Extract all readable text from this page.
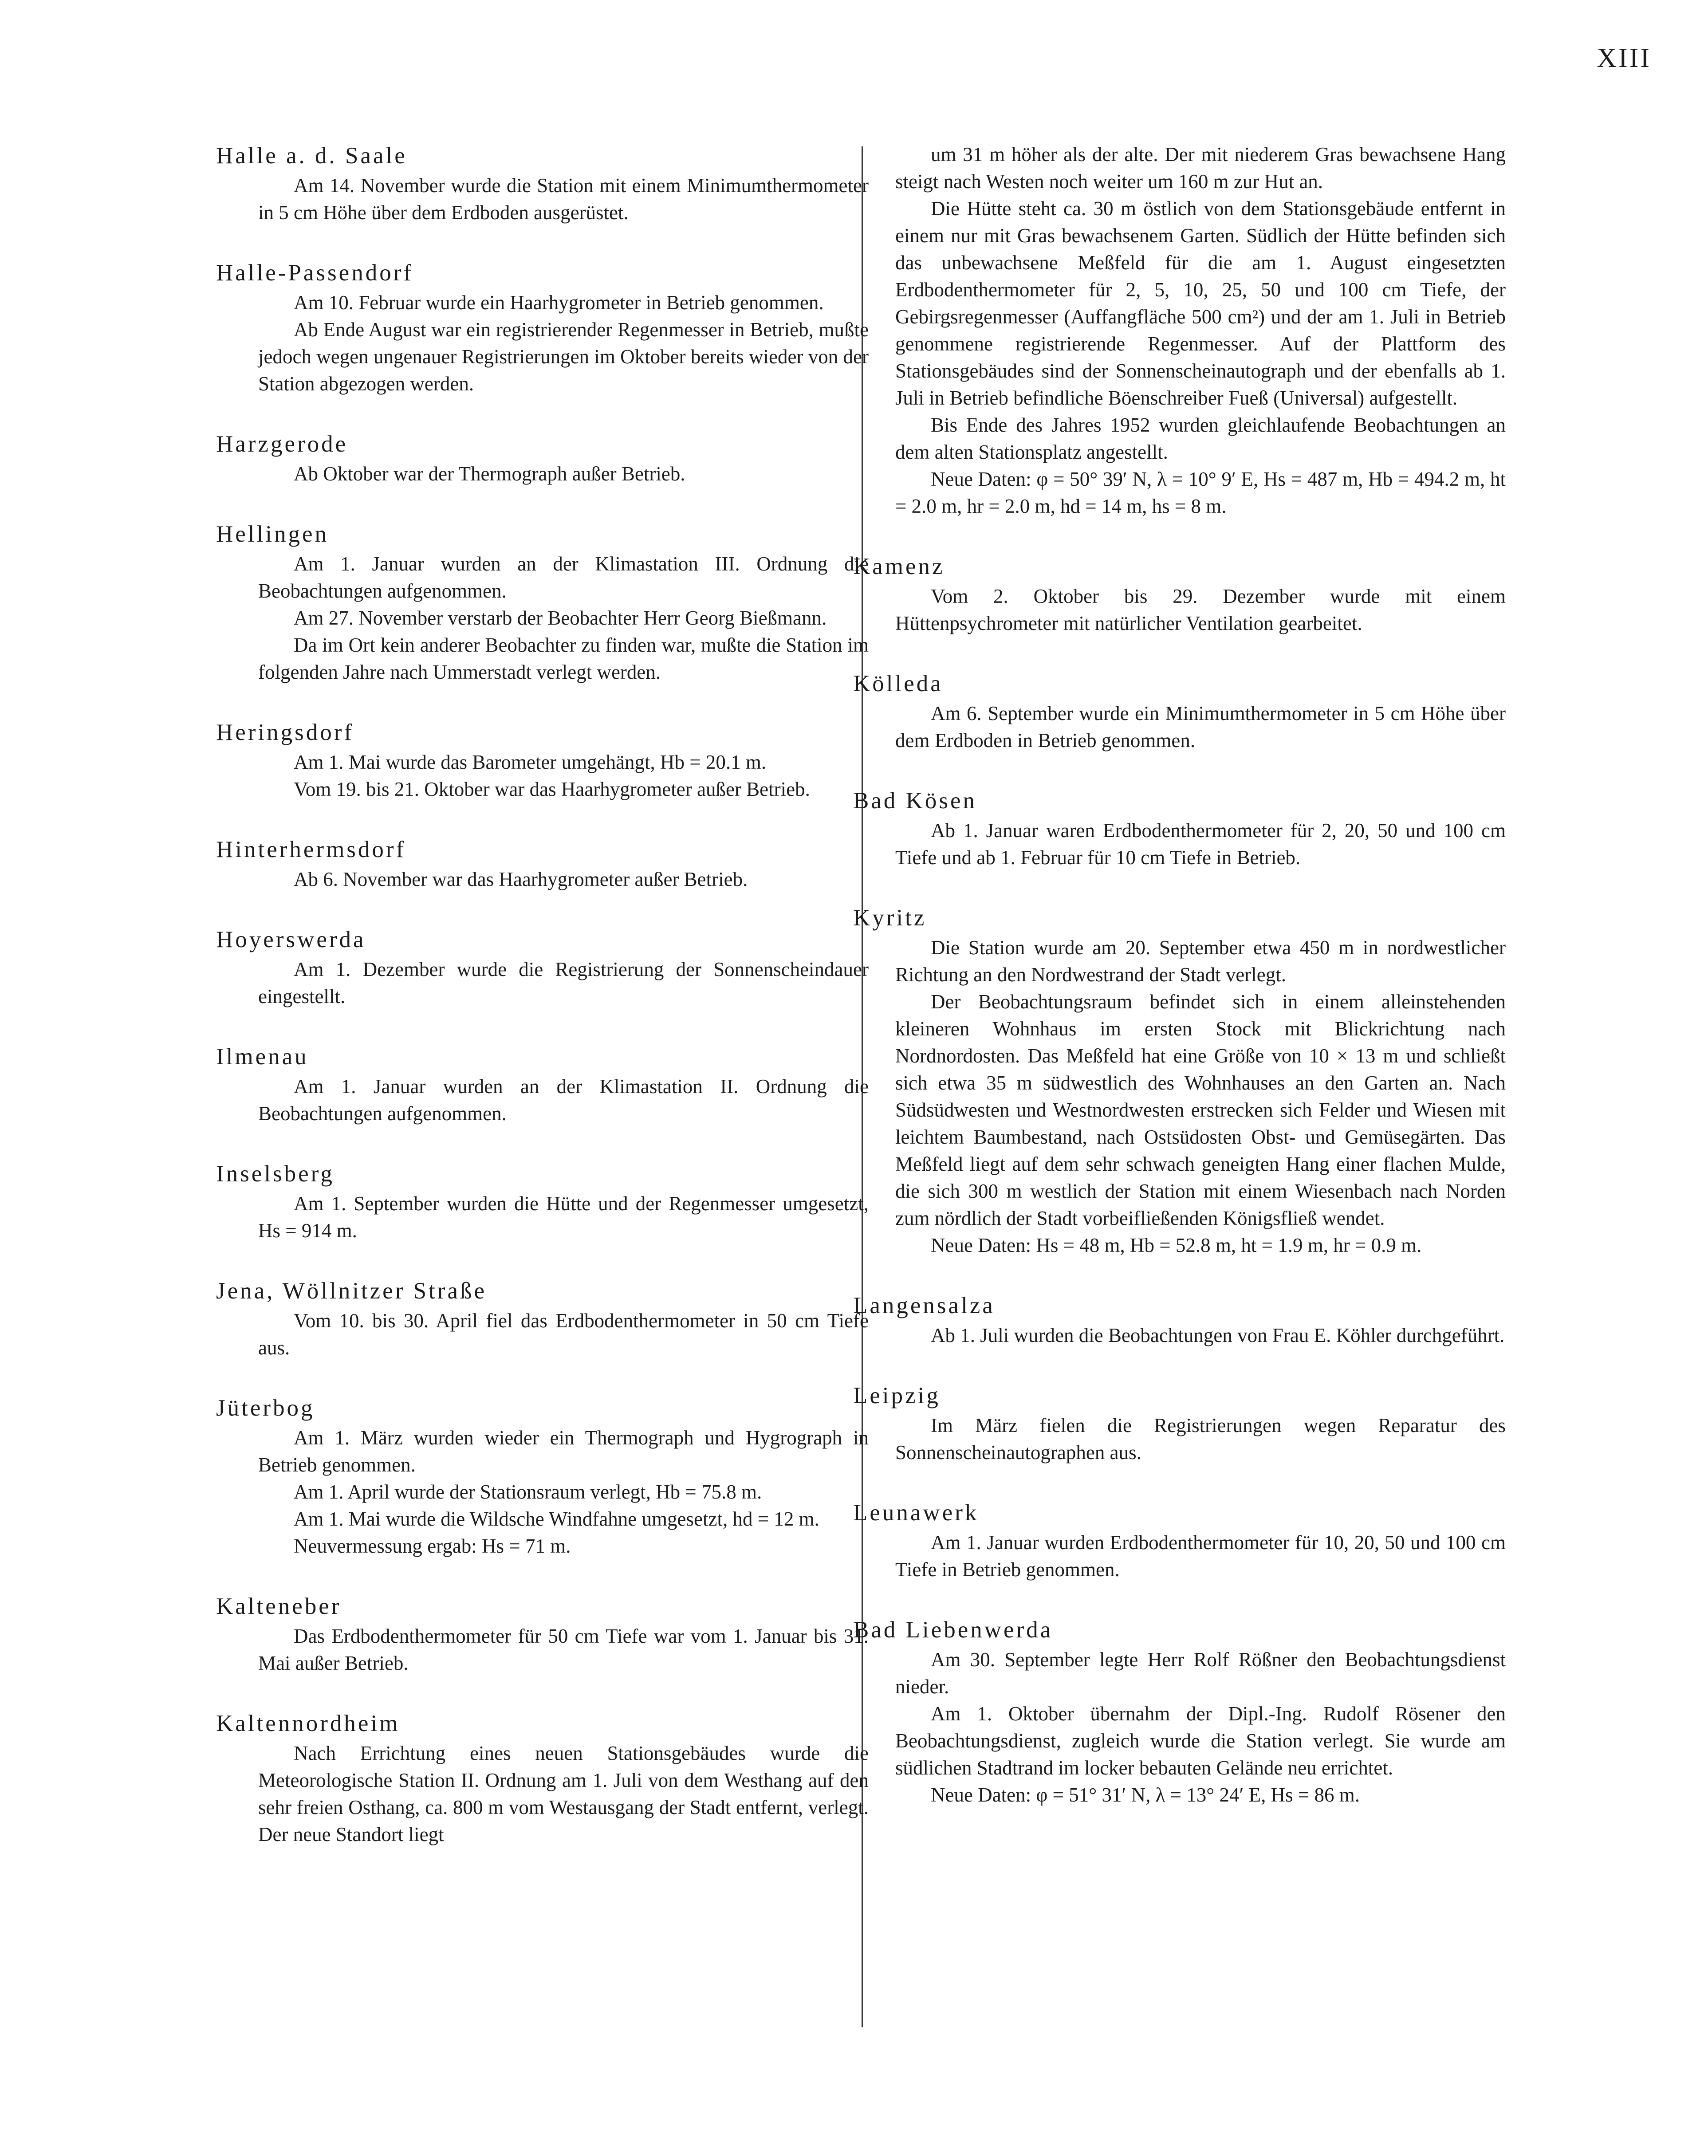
XIII
Halle a. d. Saale

Am 14. November wurde die Station mit einem Minimumthermometer in 5 cm Höhe über dem Erdboden ausgerüstet.

Halle-Passendorf

Am 10. Februar wurde ein Haarhygrometer in Betrieb genommen.

Ab Ende August war ein registrierender Regenmesser in Betrieb, mußte jedoch wegen ungenauer Registrierungen im Oktober bereits wieder von der Station abgezogen werden.

Harzgerode

Ab Oktober war der Thermograph außer Betrieb.

Hellingen

Am 1. Januar wurden an der Klimastation III. Ordnung die Beobachtungen aufgenommen.

Am 27. November verstarb der Beobachter Herr Georg Bießmann.

Da im Ort kein anderer Beobachter zu finden war, mußte die Station im folgenden Jahre nach Ummerstadt verlegt werden.

Heringsdorf

Am 1. Mai wurde das Barometer umgehängt, Hb = 20.1 m.

Vom 19. bis 21. Oktober war das Haarhygrometer außer Betrieb.

Hinterhermsdorf

Ab 6. November war das Haarhygrometer außer Betrieb.

Hoyerswerda

Am 1. Dezember wurde die Registrierung der Sonnenscheindauer eingestellt.

Ilmenau

Am 1. Januar wurden an der Klimastation II. Ordnung die Beobachtungen aufgenommen.

Inselsberg

Am 1. September wurden die Hütte und der Regenmesser umgesetzt, Hs = 914 m.

Jena, Wöllnitzer Straße

Vom 10. bis 30. April fiel das Erdbodenthermometer in 50 cm Tiefe aus.

Jüterbog

Am 1. März wurden wieder ein Thermograph und Hygrograph in Betrieb genommen.

Am 1. April wurde der Stationsraum verlegt, Hb = 75.8 m.

Am 1. Mai wurde die Wildsche Windfahne umgesetzt, hd = 12 m.

Neuvermessung ergab: Hs = 71 m.

Kalteneber

Das Erdbodenthermometer für 50 cm Tiefe war vom 1. Januar bis 31. Mai außer Betrieb.

Kaltennordheim

Nach Errichtung eines neuen Stationsgebäudes wurde die Meteorologische Station II. Ordnung am 1. Juli von dem Westhang auf den sehr freien Osthang, ca. 800 m vom Westausgang der Stadt entfernt, verlegt. Der neue Standort liegt

um 31 m höher als der alte. Der mit niederem Gras bewachsene Hang steigt nach Westen noch weiter um 160 m zur Hut an.

Die Hütte steht ca. 30 m östlich von dem Stationsgebäude entfernt in einem nur mit Gras bewachsenem Garten. Südlich der Hütte befinden sich das unbewachsene Meßfeld für die am 1. August eingesetzten Erdbodenthermometer für 2, 5, 10, 25, 50 und 100 cm Tiefe, der Gebirgsregenmesser (Auffangfläche 500 cm²) und der am 1. Juli in Betrieb genommene registrierende Regenmesser. Auf der Plattform des Stationsgebäudes sind der Sonnenscheinautograph und der ebenfalls ab 1. Juli in Betrieb befindliche Böenschreiber Fueß (Universal) aufgestellt.

Bis Ende des Jahres 1952 wurden gleichlaufende Beobachtungen an dem alten Stationsplatz angestellt.

Neue Daten: φ = 50° 39′ N, λ = 10° 9′ E, Hs = 487 m, Hb = 494.2 m, ht = 2.0 m, hr = 2.0 m, hd = 14 m, hs = 8 m.

Kamenz

Vom 2. Oktober bis 29. Dezember wurde mit einem Hüttenpsychrometer mit natürlicher Ventilation gearbeitet.

Kölleda

Am 6. September wurde ein Minimumthermometer in 5 cm Höhe über dem Erdboden in Betrieb genommen.

Bad Kösen

Ab 1. Januar waren Erdbodenthermometer für 2, 20, 50 und 100 cm Tiefe und ab 1. Februar für 10 cm Tiefe in Betrieb.

Kyritz

Die Station wurde am 20. September etwa 450 m in nordwestlicher Richtung an den Nordwestrand der Stadt verlegt.

Der Beobachtungsraum befindet sich in einem alleinstehenden kleineren Wohnhaus im ersten Stock mit Blickrichtung nach Nordnordosten. Das Meßfeld hat eine Größe von 10 × 13 m und schließt sich etwa 35 m südwestlich des Wohnhauses an den Garten an. Nach Südsüdwesten und Westnordwesten erstrecken sich Felder und Wiesen mit leichtem Baumbestand, nach Ostsüdosten Obst- und Gemüsegärten. Das Meßfeld liegt auf dem sehr schwach geneigten Hang einer flachen Mulde, die sich 300 m westlich der Station mit einem Wiesenbach nach Norden zum nördlich der Stadt vorbeifließenden Königsfließ wendet.

Neue Daten: Hs = 48 m, Hb = 52.8 m, ht = 1.9 m, hr = 0.9 m.

Langensalza

Ab 1. Juli wurden die Beobachtungen von Frau E. Köhler durchgeführt.

Leipzig

Im März fielen die Registrierungen wegen Reparatur des Sonnenscheinautographen aus.

Leunawerk

Am 1. Januar wurden Erdbodenthermometer für 10, 20, 50 und 100 cm Tiefe in Betrieb genommen.

Bad Liebenwerda

Am 30. September legte Herr Rolf Rößner den Beobachtungsdienst nieder.

Am 1. Oktober übernahm der Dipl.-Ing. Rudolf Rösener den Beobachtungsdienst, zugleich wurde die Station verlegt. Sie wurde am südlichen Stadtrand im locker bebauten Gelände neu errichtet.

Neue Daten: φ = 51° 31′ N, λ = 13° 24′ E, Hs = 86 m.
